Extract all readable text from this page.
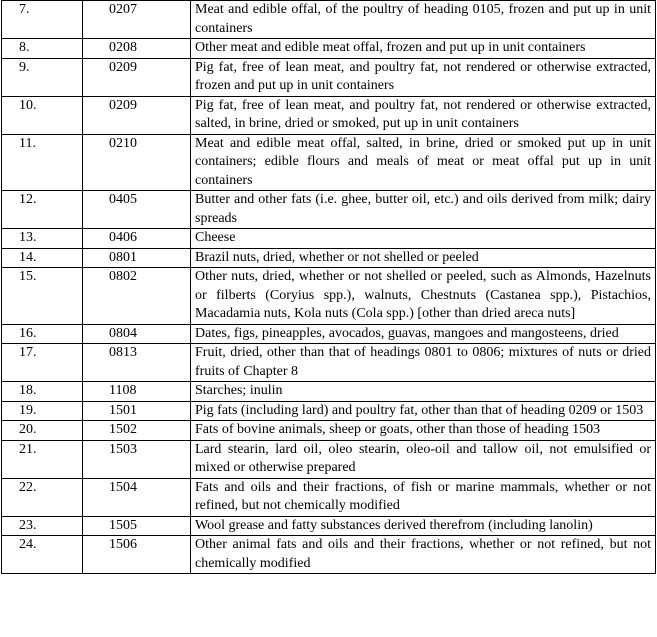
7.	0207	Meat and edible offal, of the poultry of heading 0105, frozen and put up in unit containers

8.	0208	Other meat and edible meat offal, frozen and put up in unit containers

9.	0209	Pig fat, free of lean meat, and poultry fat, not rendered or otherwise extracted, frozen and put up in unit containers

10.	0209	Pig fat, free of lean meat, and poultry fat, not rendered or otherwise extracted, salted, in brine, dried or smoked, put up in unit containers

11.	0210	Meat and edible meat offal, salted, in brine, dried or smoked put up in unit containers; edible flours and meals of meat or meat offal put up in unit containers

12.	0405	Butter and other fats (i.e. ghee, butter oil, etc.) and oils derived from milk; dairy spreads

13.	0406	Cheese

14.	0801	Brazil nuts, dried, whether or not shelled or peeled

15.	0802	Other nuts, dried, whether or not shelled or peeled, such as Almonds, Hazelnuts or filberts (Coryius spp.), walnuts, Chestnuts (Castanea spp.), Pistachios, Macadamia nuts, Kola nuts (Cola spp.) [other than dried areca nuts]

16.	0804	Dates, figs, pineapples, avocados, guavas, mangoes and mangosteens, dried

17.	0813	Fruit, dried, other than that of headings 0801 to 0806; mixtures of nuts or dried fruits of Chapter 8

18.	1108	Starches; inulin

19.	1501	Pig fats (including lard) and poultry fat, other than that of heading 0209 or 1503

20.	1502	Fats of bovine animals, sheep or goats, other than those of heading 1503

21.	1503	Lard stearin, lard oil, oleo stearin, oleo-oil and tallow oil, not emulsified or mixed or otherwise prepared

22.	1504	Fats and oils and their fractions, of fish or marine mammals, whether or not refined, but not chemically modified

23.	1505	Wool grease and fatty substances derived therefrom (including lanolin)

24.	1506	Other animal fats and oils and their fractions, whether or not refined, but not chemically modified
